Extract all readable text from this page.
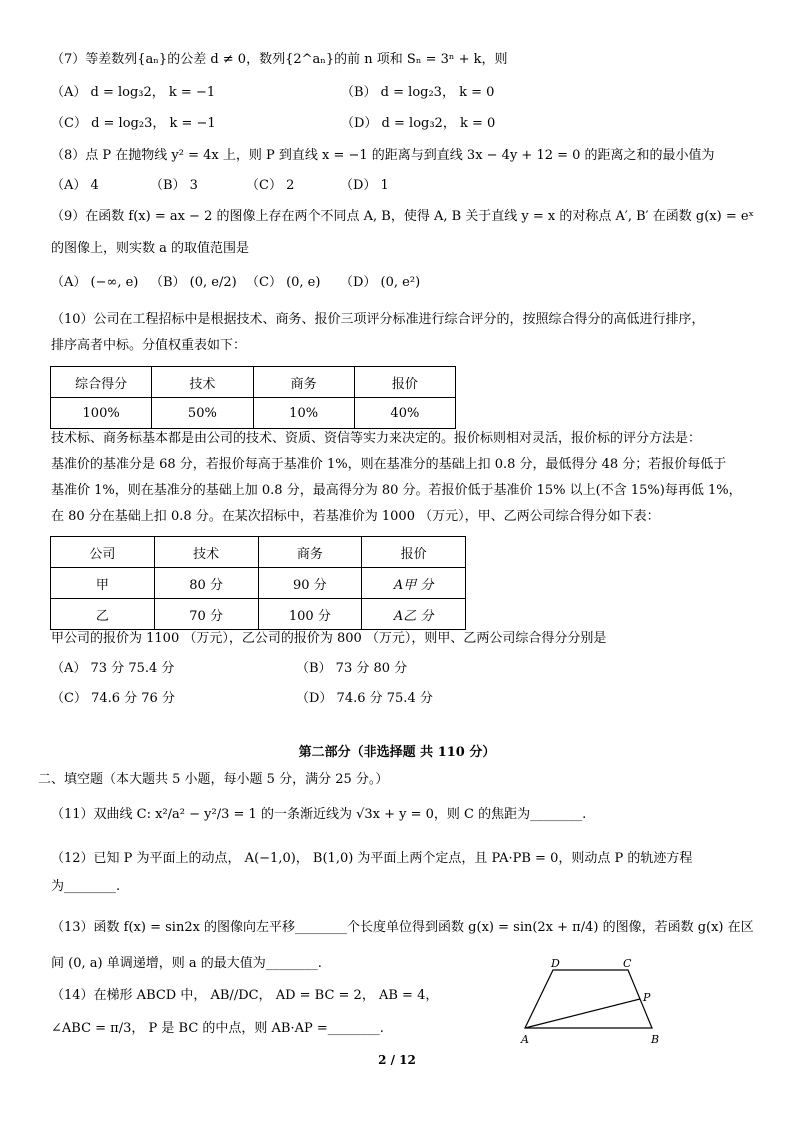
（7）等差数列{aₙ}的公差 d ≠ 0，数列{2^aₙ}的前 n 项和 Sₙ = 3ⁿ + k，则
（A） d = log₃2， k = −1	（B） d = log₂3， k = 0
（C） d = log₂3， k = −1	（D） d = log₃2， k = 0
（8）点 P 在抛物线 y² = 4x 上，则 P 到直线 x = −1 的距离与到直线 3x − 4y + 12 = 0 的距离之和的最小值为
（A） 4	（B） 3	（C） 2	（D） 1
（9）在函数 f(x) = ax − 2 的图像上存在两个不同点 A, B，使得 A, B 关于直线 y = x 的对称点 A′, B′ 在函数 g(x) = eˣ
的图像上，则实数 a 的取值范围是
（A） (−∞, e) （B） (0, e/2) （C） (0, e) （D） (0, e²)
（10）公司在工程招标中是根据技术、商务、报价三项评分标准进行综合评分的，按照综合得分的高低进行排序，
排序高者中标。分值权重表如下：
综合得分	技术	商务	报价
100%	50%	10%	40%
技术标、商务标基本都是由公司的技术、资质、资信等实力来决定的。报价标则相对灵活，报价标的评分方法是：
基准价的基准分是 68 分，若报价每高于基准价 1%，则在基准分的基础上扣 0.8 分，最低得分 48 分；若报价每低于
基准价 1%，则在基准分的基础上加 0.8 分，最高得分为 80 分。若报价低于基准价 15% 以上(不含 15%)每再低 1%，
在 80 分在基础上扣 0.8 分。在某次招标中，若基准价为 1000 （万元），甲、乙两公司综合得分如下表：
公司	技术	商务	报价
甲	80 分	90 分	A甲 分
乙	70 分	100 分	A乙 分
甲公司的报价为 1100 （万元），乙公司的报价为 800 （万元），则甲、乙两公司综合得分分别是
（A） 73 分 75.4 分	（B） 73 分 80 分
（C） 74.6 分 76 分	（D） 74.6 分 75.4 分
第二部分（非选择题 共 110 分）
二、填空题（本大题共 5 小题，每小题 5 分，满分 25 分。）
（11）双曲线 C: x²/a² − y²/3 = 1 的一条渐近线为 √3x + y = 0，则 C 的焦距为________.
（12）已知 P 为平面上的动点， A(−1,0)， B(1,0) 为平面上两个定点，且 PA·PB = 0，则动点 P 的轨迹方程
为________.
（13）函数 f(x) = sin2x 的图像向左平移________个长度单位得到函数 g(x) = sin(2x + π/4) 的图像，若函数 g(x) 在区
间 (0, a) 单调递增，则 a 的最大值为________.
（14）在梯形 ABCD 中， AB//DC， AD = BC = 2， AB = 4，
∠ABC = π/3， P 是 BC 的中点，则 AB·AP =________.
D	C
P
A	B
2 / 12
